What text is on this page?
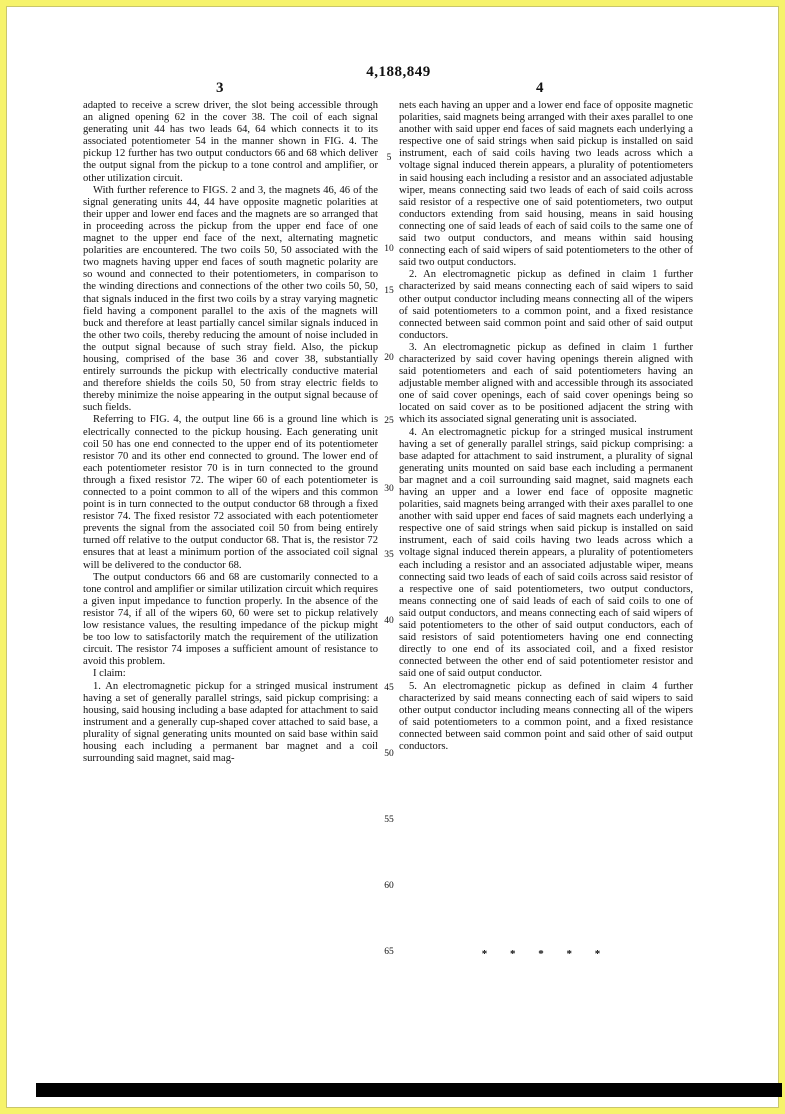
4,188,849
3	4

adapted to receive a screw driver, the slot being accessible through an aligned opening 62 in the cover 38. The coil of each signal generating unit 44 has two leads 64, 64 which connects it to its associated potentiometer 54 in the manner shown in FIG. 4. The pickup 12 further has two output conductors 66 and 68 which deliver the output signal from the pickup to a tone control and amplifier, or other utilization circuit.

With further reference to FIGS. 2 and 3, the magnets 46, 46 of the signal generating units 44, 44 have opposite magnetic polarities at their upper and lower end faces and the magnets are so arranged that in proceeding across the pickup from the upper end face of one magnet to the upper end face of the next, alternating magnetic polarities are encountered. The two coils 50, 50 associated with the two magnets having upper end faces of south magnetic polarity are so wound and connected to their potentiometers, in comparison to the winding directions and connections of the other two coils 50, 50, that signals induced in the first two coils by a stray varying magnetic field having a component parallel to the axis of the magnets will buck and therefore at least partially cancel similar signals induced in the other two coils, thereby reducing the amount of noise included in the output signal because of such stray field. Also, the pickup housing, comprised of the base 36 and cover 38, substantially entirely surrounds the pickup with electrically conductive material and therefore shields the coils 50, 50 from stray electric fields to thereby minimize the noise appearing in the output signal because of such fields.

Referring to FIG. 4, the output line 66 is a ground line which is electrically connected to the pickup housing. Each generating unit coil 50 has one end connected to the upper end of its potentiometer resistor 70 and its other end connected to ground. The lower end of each potentiometer resistor 70 is in turn connected to the ground through a fixed resistor 72. The wiper 60 of each potentiometer is connected to a point common to all of the wipers and this common point is in turn connected to the output conductor 68 through a fixed resistor 74. The fixed resistor 72 associated with each potentiometer prevents the signal from the associated coil 50 from being entirely turned off relative to the output conductor 68. That is, the resistor 72 ensures that at least a minimum portion of the associated coil signal will be delivered to the conductor 68.

The output conductors 66 and 68 are customarily connected to a tone control and amplifier or similar utilization circuit which requires a given input impedance to function properly. In the absence of the resistor 74, if all of the wipers 60, 60 were set to pickup relatively low resistance values, the resulting impedance of the pickup might be too low to satisfactorily match the requirement of the utilization circuit. The resistor 74 imposes a sufficient amount of resistance to avoid this problem.

I claim:

1. An electromagnetic pickup for a stringed musical instrument having a set of generally parallel strings, said pickup comprising: a housing, said housing including a base adapted for attachment to said instrument and a generally cup-shaped cover attached to said base, a plurality of signal generating units mounted on said base within said housing each including a permanent bar magnet and a coil surrounding said magnet, said mag-

nets each having an upper and a lower end face of opposite magnetic polarities, said magnets being arranged with their axes parallel to one another with said upper end faces of said magnets each underlying a respective one of said strings when said pickup is installed on said instrument, each of said coils having two leads across which a voltage signal induced therein appears, a plurality of potentiometers in said housing each including a resistor and an associated adjustable wiper, means connecting said two leads of each of said coils across said resistor of a respective one of said potentiometers, two output conductors extending from said housing, means in said housing connecting one of said leads of each of said coils to the same one of said two output conductors, and means within said housing connecting each of said wipers of said potentiometers to the other of said two output conductors.

2. An electromagnetic pickup as defined in claim 1 further characterized by said means connecting each of said wipers to said other output conductor including means connecting all of the wipers of said potentiometers to a common point, and a fixed resistance connected between said common point and said other of said output conductors.

3. An electromagnetic pickup as defined in claim 1 further characterized by said cover having openings therein aligned with said potentiometers and each of said potentiometers having an adjustable member aligned with and accessible through its associated one of said cover openings, each of said cover openings being so located on said cover as to be positioned adjacent the string with which its associated signal generating unit is associated.

4. An electromagnetic pickup for a stringed musical instrument having a set of generally parallel strings, said pickup comprising: a base adapted for attachment to said instrument, a plurality of signal generating units mounted on said base each including a permanent bar magnet and a coil surrounding said magnet, said magnets each having an upper and a lower end face of opposite magnetic polarities, said magnets being arranged with their axes parallel to one another with said upper end faces of said magnets each underlying a respective one of said strings when said pickup is installed on said instrument, each of said coils having two leads across which a voltage signal induced therein appears, a plurality of potentiometers each including a resistor and an associated adjustable wiper, means connecting said two leads of each of said coils across said resistor of a respective one of said potentiometers, two output conductors, means connecting one of said leads of each of said coils to one of said output conductors, and means connecting each of said wipers of said potentiometers to the other of said output conductors, each of said resistors of said potentiometers having one end connecting directly to one end of its associated coil, and a fixed resistor connected between the other end of said potentiometer resistor and said one of said output conductor.

5. An electromagnetic pickup as defined in claim 4 further characterized by said means connecting each of said wipers to said other output conductor including means connecting all of the wipers of said potentiometers to a common point, and a fixed resistance connected between said common point and said other of said output conductors.

* * * * *
5
10
15
20
25
30
35
40
45
50
55
60
65
